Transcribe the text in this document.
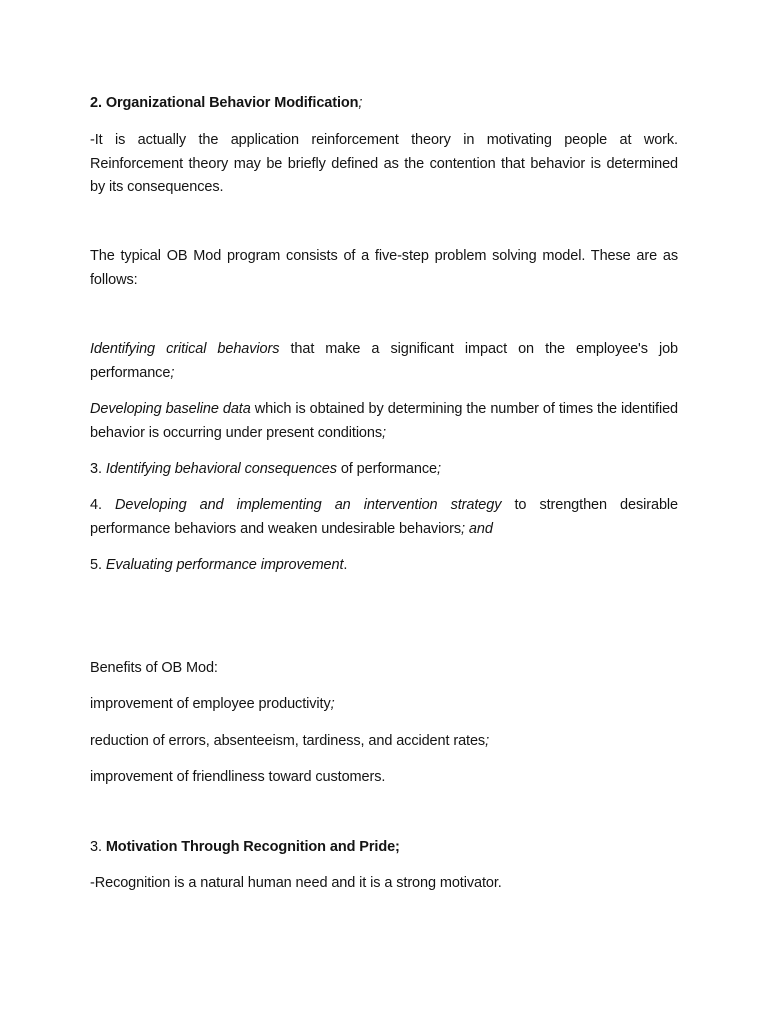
2. Organizational Behavior Modification;

-It is actually the application reinforcement theory in motivating people at work. Reinforcement theory may be briefly defined as the contention that behavior is determined by its consequences.

The typical OB Mod program consists of a five-step problem solving model. These are as follows:

Identifying critical behaviors that make a significant impact on the employee's job performance;

Developing baseline data which is obtained by determining the number of times the identified behavior is occurring under present conditions;

3. Identifying behavioral consequences of performance;

4. Developing and implementing an intervention strategy to strengthen desirable performance behaviors and weaken undesirable behaviors; and

5. Evaluating performance improvement.

Benefits of OB Mod:

improvement of employee productivity;

reduction of errors, absenteeism, tardiness, and accident rates;

improvement of friendliness toward customers.

3. Motivation Through Recognition and Pride;

-Recognition is a natural human need and it is a strong motivator.
